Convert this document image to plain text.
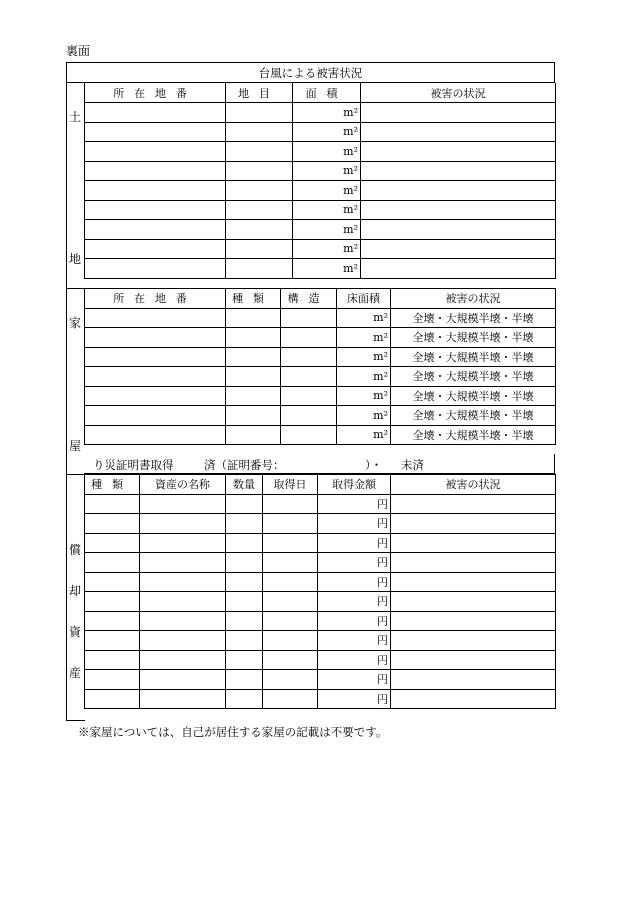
裏面
台風による被害状況
土
地
所在地番	地目	面積	被害の状況
		m²	
		m²	
		m²	
		m²	
		m²	
		m²	
		m²	
		m²	
		m²	
家
屋
所在地番	種類	構造	床面積	被害の状況
			m²	全壊・大規模半壊・半壊
			m²	全壊・大規模半壊・半壊
			m²	全壊・大規模半壊・半壊
			m²	全壊・大規模半壊・半壊
			m²	全壊・大規模半壊・半壊
			m²	全壊・大規模半壊・半壊
			m²	全壊・大規模半壊・半壊
り災証明書取得	済（証明番号：	）・ 未済
償
却
資
産
種類	資産の名称	数量	取得日	取得金額	被害の状況
				円	
				円	
				円	
				円	
				円	
				円	
				円	
				円	
				円	
				円	
				円	
※家屋については、自己が居住する家屋の記載は不要です。
